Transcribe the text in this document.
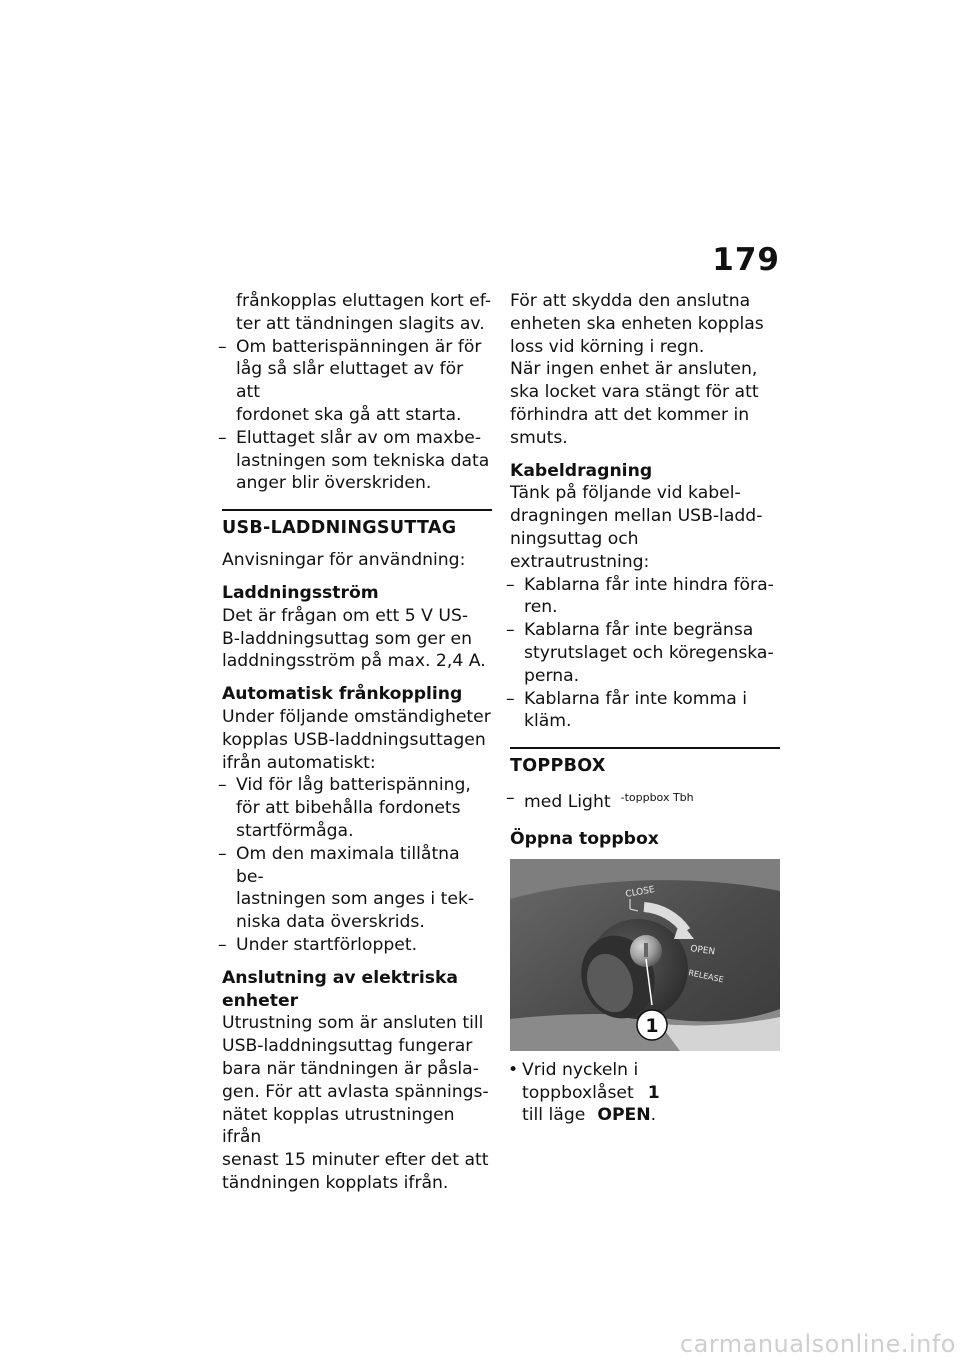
179
frånkopplas eluttagen kort ef-
ter att tändningen slagits av.
– Om batterispänningen är för
låg så slår eluttaget av för att
fordonet ska gå att starta.
– Eluttaget slår av om maxbe-
lastningen som tekniska data
anger blir överskriden.
USB-LADDNINGSUTTAG
Anvisningar för användning:
Laddningsström
Det är frågan om ett 5 V US-
B-laddningsuttag som ger en
laddningsström på max. 2,4 A.
Automatisk frånkoppling
Under följande omständigheter
kopplas USB-laddningsuttagen
ifrån automatiskt:
– Vid för låg batterispänning,
för att bibehålla fordonets
startförmåga.
– Om den maximala tillåtna be-
lastningen som anges i tek-
niska data överskrids.
– Under startförloppet.
Anslutning av elektriska
enheter
Utrustning som är ansluten till
USB-laddningsuttag fungerar
bara när tändningen är påsla-
gen. För att avlasta spännings-
nätet kopplas utrustningen ifrån
senast 15 minuter efter det att
tändningen kopplats ifrån.
För att skydda den anslutna
enheten ska enheten kopplas
loss vid körning i regn.
När ingen enhet är ansluten,
ska locket vara stängt för att
förhindra att det kommer in
smuts.
Kabeldragning
Tänk på följande vid kabel-
dragningen mellan USB-ladd-
ningsuttag och extrautrustning:
– Kablarna får inte hindra föra-
ren.
– Kablarna får inte begränsa
styrutslaget och köregenska-
perna.
– Kablarna får inte komma i
kläm.
TOPPBOX
– med Light $^{-toppbox Tbh}$
Öppna toppbox
CLOSE
OPEN
RELEASE
1
• Vrid nyckeln i toppboxlåset 1
till läge OPEN.
carmanualsonline.info
